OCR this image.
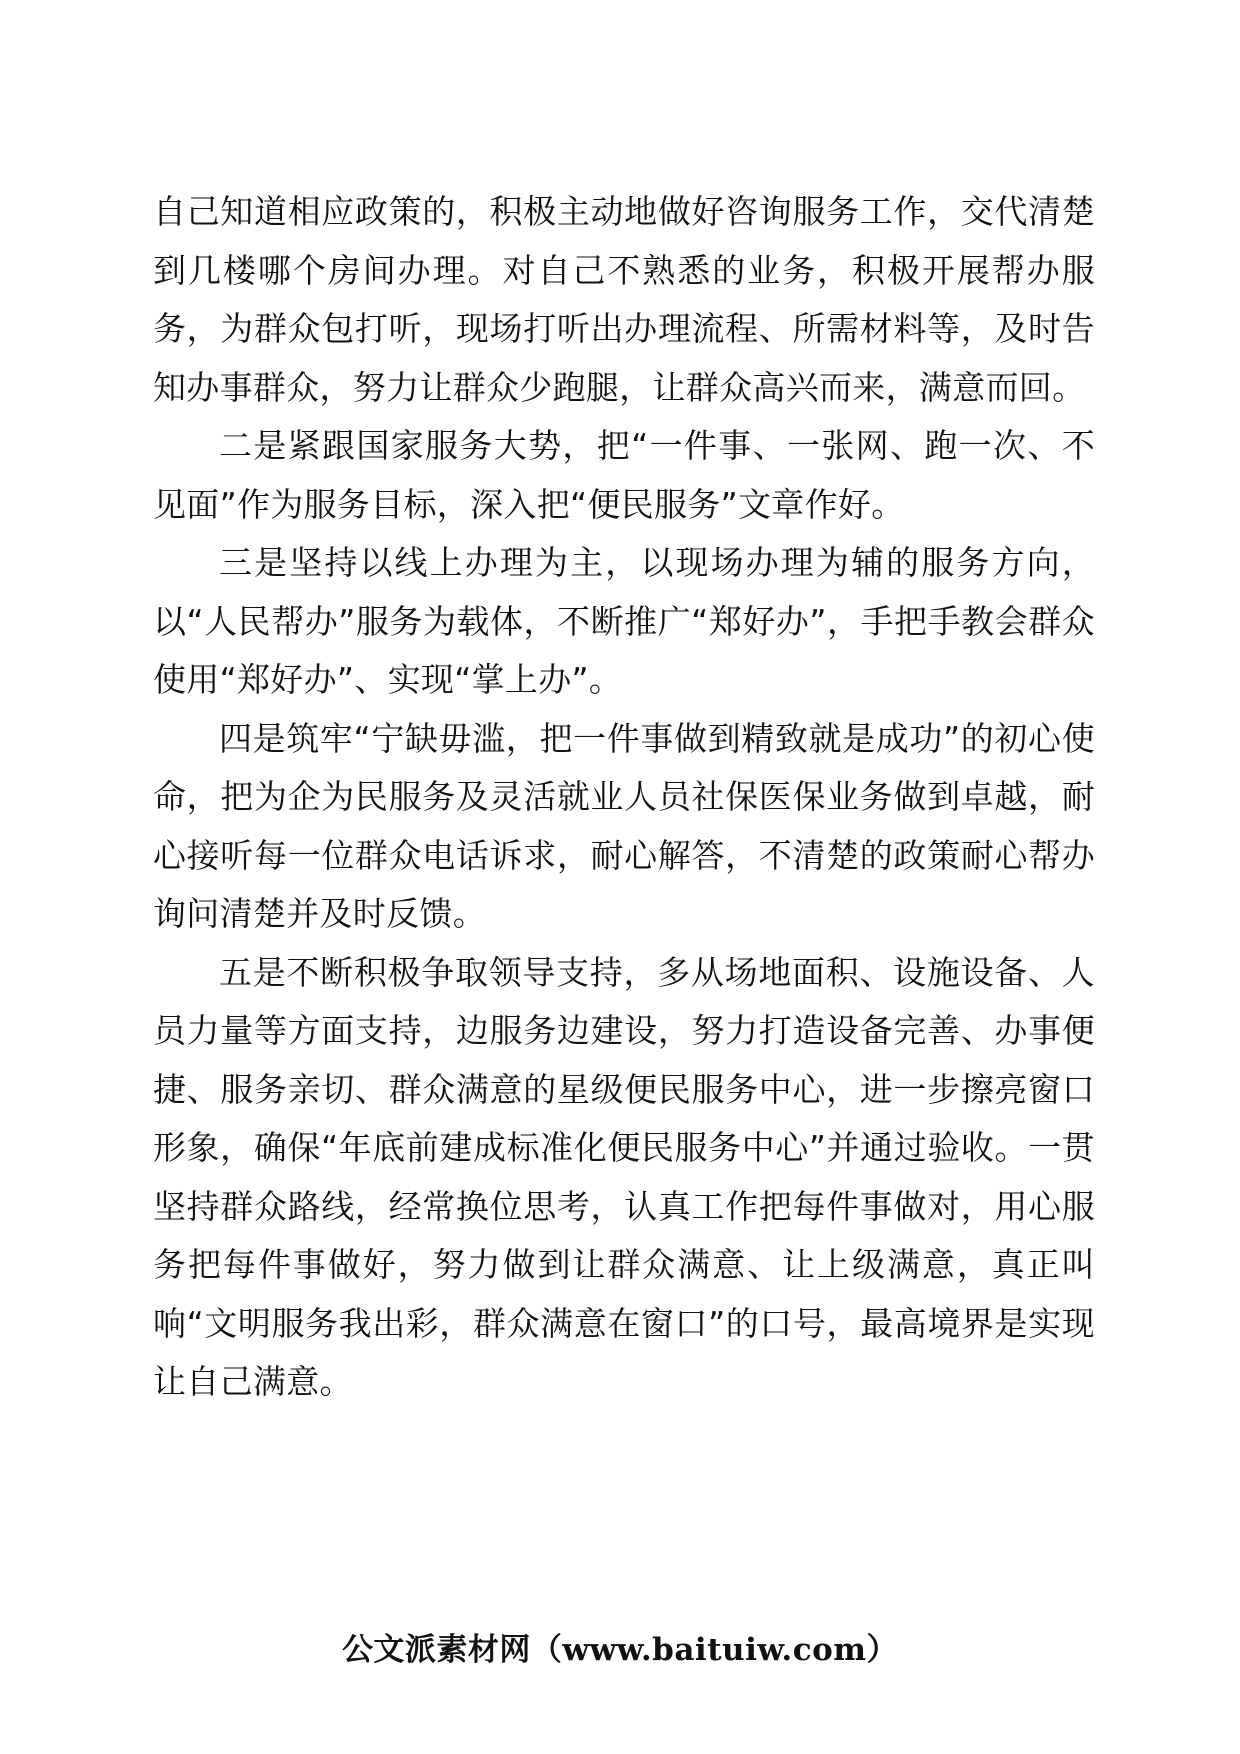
自己知道相应政策的，积极主动地做好咨询服务工作，交代清楚到几楼哪个房间办理。对自己不熟悉的业务，积极开展帮办服务，为群众包打听，现场打听出办理流程、所需材料等，及时告知办事群众，努力让群众少跑腿，让群众高兴而来，满意而回。

二是紧跟国家服务大势，把“一件事、一张网、跑一次、不见面”作为服务目标，深入把“便民服务”文章作好。

三是坚持以线上办理为主，以现场办理为辅的服务方向，以“人民帮办”服务为载体，不断推广“郑好办”，手把手教会群众使用“郑好办”、实现“掌上办”。

四是筑牢“宁缺毋滥，把一件事做到精致就是成功”的初心使命，把为企为民服务及灵活就业人员社保医保业务做到卓越，耐心接听每一位群众电话诉求，耐心解答，不清楚的政策耐心帮办询问清楚并及时反馈。

五是不断积极争取领导支持，多从场地面积、设施设备、人员力量等方面支持，边服务边建设，努力打造设备完善、办事便捷、服务亲切、群众满意的星级便民服务中心，进一步擦亮窗口形象，确保“年底前建成标准化便民服务中心”并通过验收。一贯坚持群众路线，经常换位思考，认真工作把每件事做对，用心服务把每件事做好，努力做到让群众满意、让上级满意，真正叫响“文明服务我出彩，群众满意在窗口”的口号，最高境界是实现让自己满意。

公文派素材网（www.baituiw.com）
